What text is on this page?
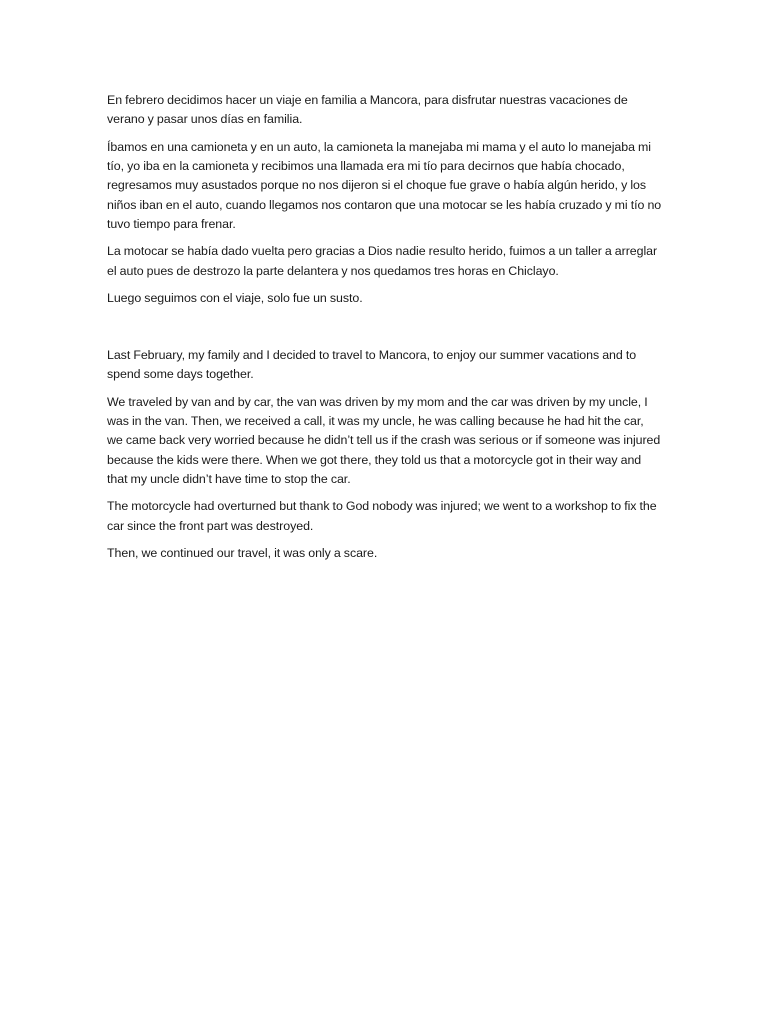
En febrero decidimos hacer un viaje en familia a Mancora, para disfrutar nuestras vacaciones de verano y pasar unos días en familia.

Íbamos en una camioneta y en un auto, la camioneta la manejaba mi mama y el auto lo manejaba mi tío, yo iba en la camioneta y recibimos una llamada era mi tío para decirnos que había chocado, regresamos muy asustados porque no nos dijeron si el choque fue grave o había algún herido, y los niños iban en el auto, cuando llegamos nos contaron que una motocar se les había cruzado y mi tío no tuvo tiempo para frenar.

La motocar se había dado vuelta pero gracias a Dios nadie resulto herido, fuimos a un taller a arreglar el auto pues de destrozo la parte delantera y nos quedamos tres horas en Chiclayo.

Luego seguimos con el viaje, solo fue un susto.

Last February, my family and I decided to travel to Mancora, to enjoy our summer vacations and to spend some days together.

We traveled by van and by car, the van was driven by my mom and the car was driven by my uncle, I was in the van. Then, we received a call, it was my uncle, he was calling because he had hit the car, we came back very worried because he didn’t tell us if the crash was serious or if someone was injured because the kids were there. When we got there, they told us that a motorcycle got in their way and that my uncle didn’t have time to stop the car.

The motorcycle had overturned but thank to God nobody was injured; we went to a workshop to fix the car since the front part was destroyed.

Then, we continued our travel, it was only a scare.
